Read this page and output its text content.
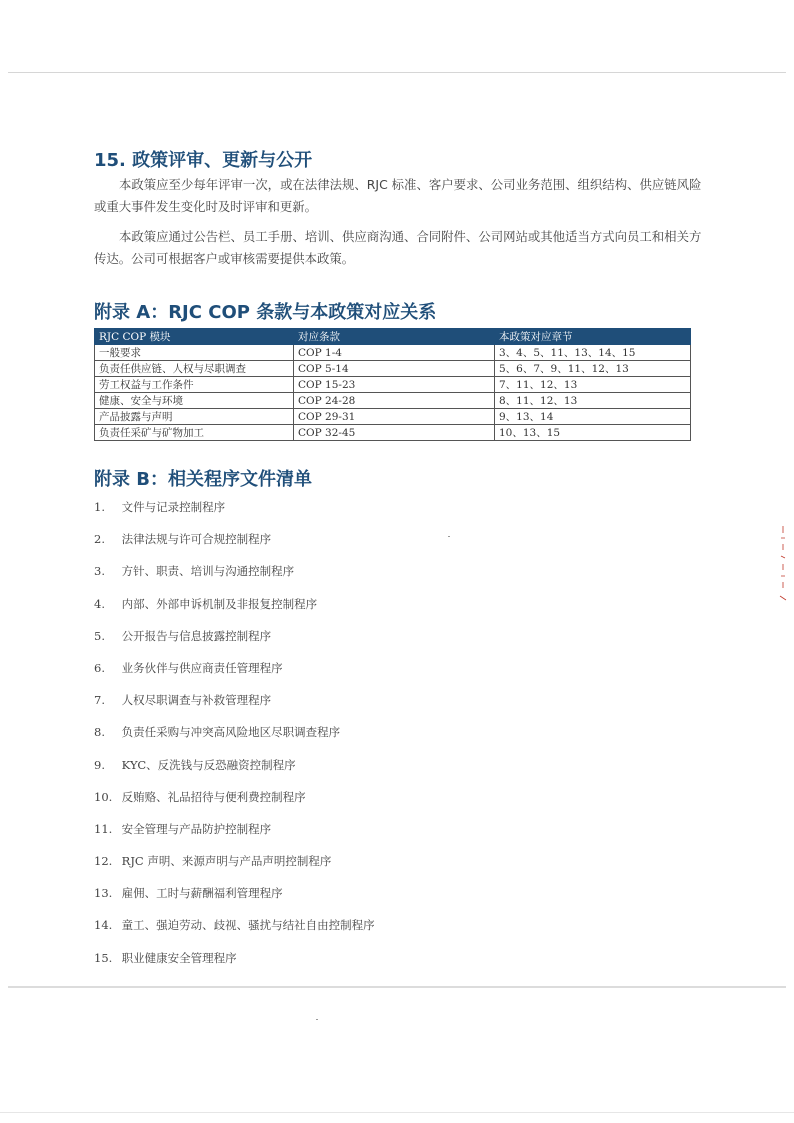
15. 政策评审、更新与公开

本政策应至少每年评审一次，或在法律法规、RJC 标准、客户要求、公司业务范围、组织结构、供应链风险或重大事件发生变化时及时评审和更新。

本政策应通过公告栏、员工手册、培训、供应商沟通、合同附件、公司网站或其他适当方式向员工和相关方传达。公司可根据客户或审核需要提供本政策。

附录 A：RJC COP 条款与本政策对应关系
RJC COP 模块	对应条款	本政策对应章节
一般要求	COP 1-4	3、4、5、11、13、14、15
负责任供应链、人权与尽职调查	COP 5-14	5、6、7、9、11、12、13
劳工权益与工作条件	COP 15-23	7、11、12、13
健康、安全与环境	COP 24-28	8、11、12、13
产品披露与声明	COP 29-31	9、13、14
负责任采矿与矿物加工	COP 32-45	10、13、15
附录 B：相关程序文件清单
1. 文件与记录控制程序
2. 法律法规与许可合规控制程序
3. 方针、职责、培训与沟通控制程序
4. 内部、外部申诉机制及非报复控制程序
5. 公开报告与信息披露控制程序
6. 业务伙伴与供应商责任管理程序
7. 人权尽职调查与补救管理程序
8. 负责任采购与冲突高风险地区尽职调查程序
9. KYC、反洗钱与反恐融资控制程序
10. 反贿赂、礼品招待与便利费控制程序
11. 安全管理与产品防护控制程序
12. RJC 声明、来源声明与产品声明控制程序
13. 雇佣、工时与薪酬福利管理程序
14. 童工、强迫劳动、歧视、骚扰与结社自由控制程序
15. 职业健康安全管理程序
